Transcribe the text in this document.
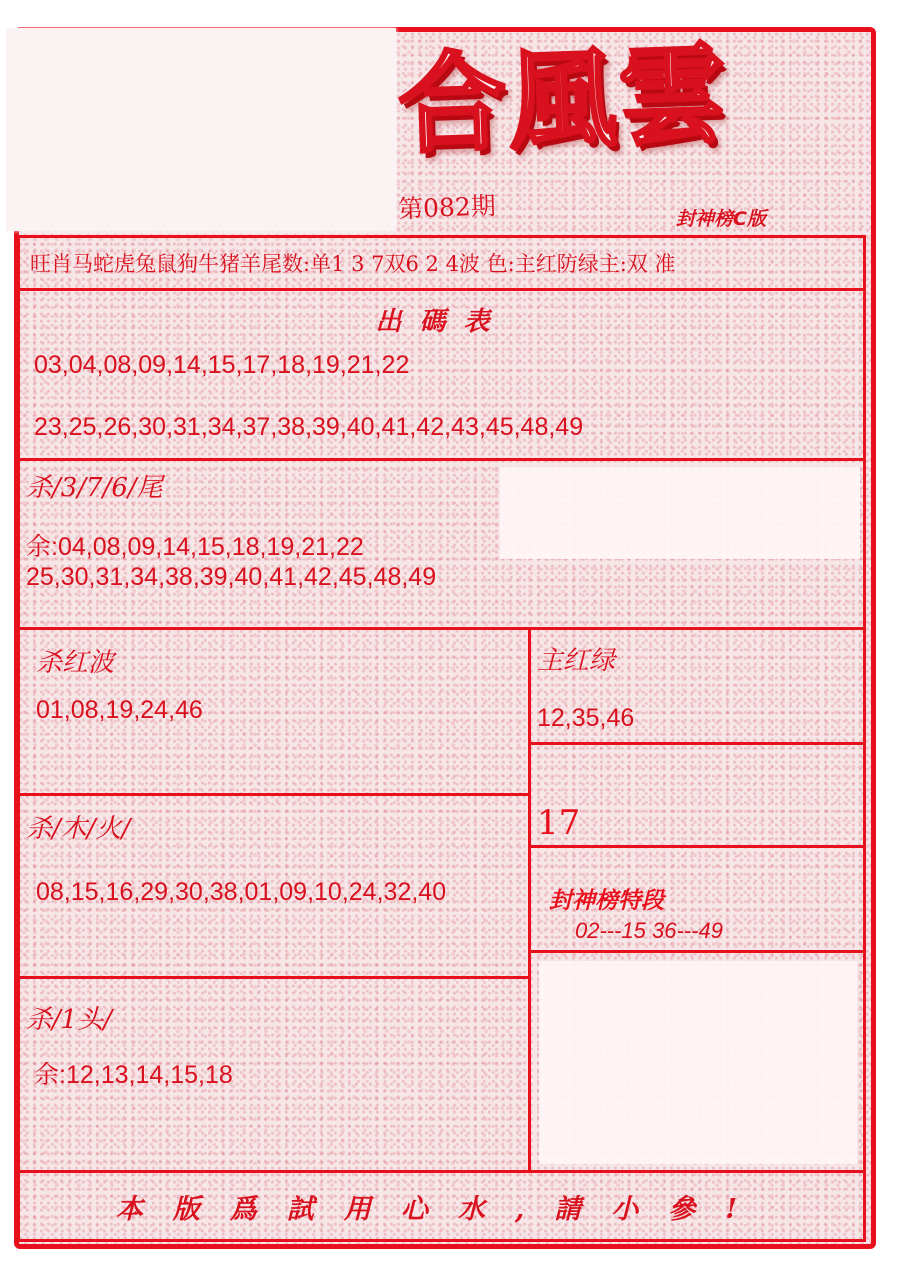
合風雲
第082期	封神榜C版
旺肖马蛇虎兔鼠狗牛猪羊尾数:单1 3 7双6 2 4波 色:主红防绿主:双 准
出碼表
03,04,08,09,14,15,17,18,19,21,22
23,25,26,30,31,34,37,38,39,40,41,42,43,45,48,49
杀/3/7/6/尾
余:04,08,09,14,15,18,19,21,22
25,30,31,34,38,39,40,41,42,45,48,49
杀红波
01,08,19,24,46
主红绿
12,35,46
17
杀/木/火/
08,15,16,29,30,38,01,09,10,24,32,40	封神榜特段
02---15 36---49
杀/1头/
余:12,13,14,15,18
本版爲試用心水,請小參!
